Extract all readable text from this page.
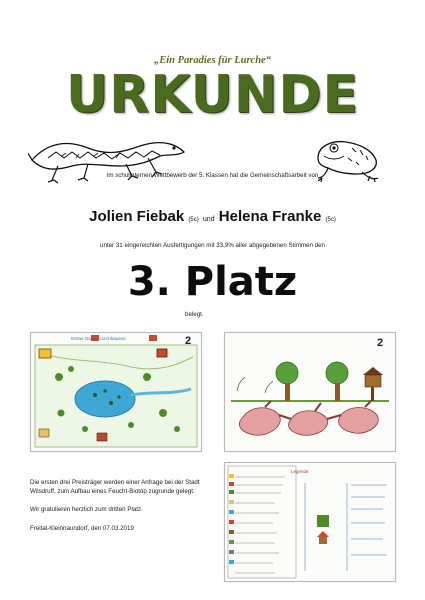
„Ein Paradies für Lurche“
URKUNDE
Im schulinternen Wettbewerb der 5. Klassen hat die Gemeinschaftsarbeit von
Jolien Fiebak (5c) und Helena Franke (5c)
unter 31 eingereichten Ausfertigungen mit 33,9% aller abgegebenen Stimmen den
3. Platz
belegt.
Grüne Oase - Lurchhausen	2	2

Die ersten drei Preisträger werden einer Anfrage bei der Stadt Wilsdruff, zum Aufbau eines Feucht-Biotop zugrunde gelegt.

Wir gratulieren herzlich zum dritten Platz.

Freital-Kleinnaundorf, den 07.03.2019

Legende
